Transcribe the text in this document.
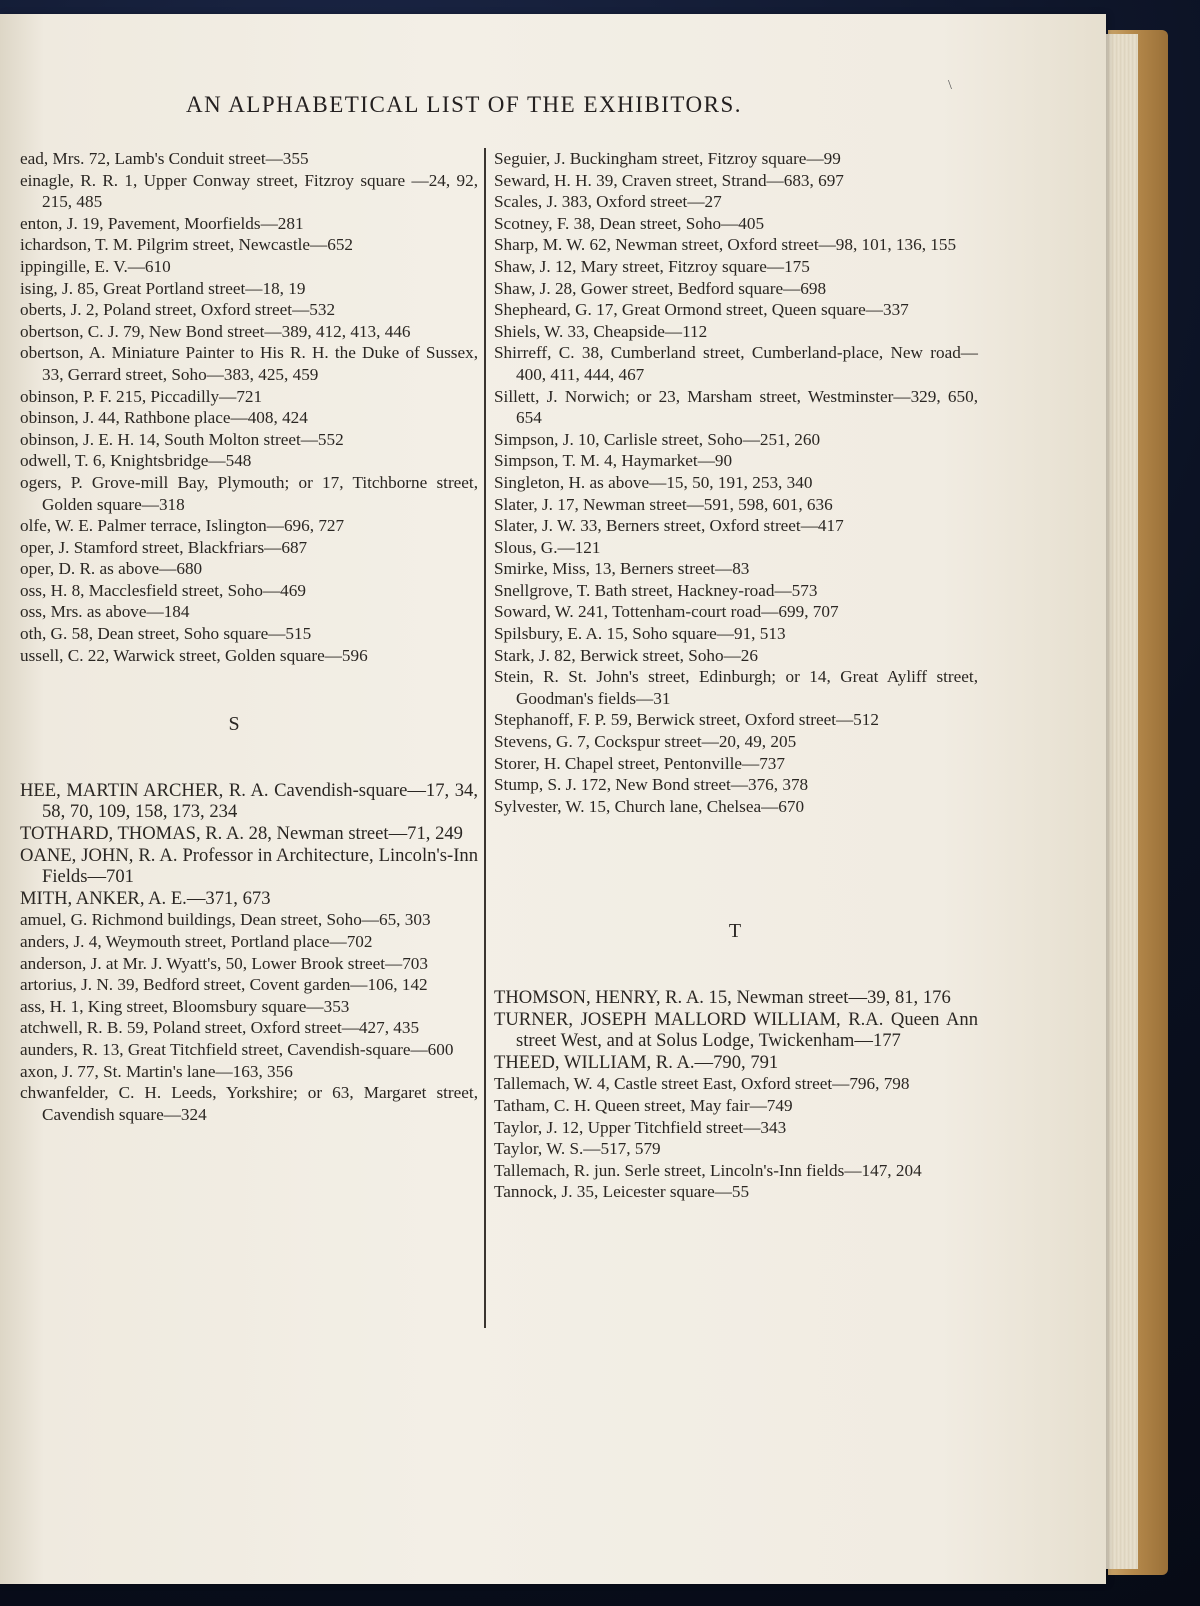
\
AN ALPHABETICAL LIST OF THE EXHIBITORS.
ead, Mrs. 72, Lamb's Conduit street—355
einagle, R. R. 1, Upper Conway street, Fitzroy square —24, 92, 215, 485
enton, J. 19, Pavement, Moorfields—281
ichardson, T. M. Pilgrim street, Newcastle—652
ippingille, E. V.—610
ising, J. 85, Great Portland street—18, 19
oberts, J. 2, Poland street, Oxford street—532
obertson, C. J. 79, New Bond street—389, 412, 413, 446
obertson, A. Miniature Painter to His R. H. the Duke of Sussex, 33, Gerrard street, Soho—383, 425, 459
obinson, P. F. 215, Piccadilly—721
obinson, J. 44, Rathbone place—408, 424
obinson, J. E. H. 14, South Molton street—552
odwell, T. 6, Knightsbridge—548
ogers, P. Grove-mill Bay, Plymouth; or 17, Titchborne street, Golden square—318
olfe, W. E. Palmer terrace, Islington—696, 727
oper, J. Stamford street, Blackfriars—687
oper, D. R. as above—680
oss, H. 8, Macclesfield street, Soho—469
oss, Mrs. as above—184
oth, G. 58, Dean street, Soho square—515
ussell, C. 22, Warwick street, Golden square—596
S
HEE, MARTIN ARCHER, R. A. Cavendish-square—17, 34, 58, 70, 109, 158, 173, 234
TOTHARD, THOMAS, R. A. 28, Newman street—71, 249
OANE, JOHN, R. A. Professor in Architecture, Lincoln's-Inn Fields—701
MITH, ANKER, A. E.—371, 673
amuel, G. Richmond buildings, Dean street, Soho—65, 303
anders, J. 4, Weymouth street, Portland place—702
anderson, J. at Mr. J. Wyatt's, 50, Lower Brook street—703
artorius, J. N. 39, Bedford street, Covent garden—106, 142
ass, H. 1, King street, Bloomsbury square—353
atchwell, R. B. 59, Poland street, Oxford street—427, 435
aunders, R. 13, Great Titchfield street, Cavendish-square—600
axon, J. 77, St. Martin's lane—163, 356
chwanfelder, C. H. Leeds, Yorkshire; or 63, Margaret street, Cavendish square—324
Seguier, J. Buckingham street, Fitzroy square—99
Seward, H. H. 39, Craven street, Strand—683, 697
Scales, J. 383, Oxford street—27
Scotney, F. 38, Dean street, Soho—405
Sharp, M. W. 62, Newman street, Oxford street—98, 101, 136, 155
Shaw, J. 12, Mary street, Fitzroy square—175
Shaw, J. 28, Gower street, Bedford square—698
Shepheard, G. 17, Great Ormond street, Queen square—337
Shiels, W. 33, Cheapside—112
Shirreff, C. 38, Cumberland street, Cumberland-place, New road—400, 411, 444, 467
Sillett, J. Norwich; or 23, Marsham street, Westminster—329, 650, 654
Simpson, J. 10, Carlisle street, Soho—251, 260
Simpson, T. M. 4, Haymarket—90
Singleton, H. as above—15, 50, 191, 253, 340
Slater, J. 17, Newman street—591, 598, 601, 636
Slater, J. W. 33, Berners street, Oxford street—417
Slous, G.—121
Smirke, Miss, 13, Berners street—83
Snellgrove, T. Bath street, Hackney-road—573
Soward, W. 241, Tottenham-court road—699, 707
Spilsbury, E. A. 15, Soho square—91, 513
Stark, J. 82, Berwick street, Soho—26
Stein, R. St. John's street, Edinburgh; or 14, Great Ayliff street, Goodman's fields—31
Stephanoff, F. P. 59, Berwick street, Oxford street—512
Stevens, G. 7, Cockspur street—20, 49, 205
Storer, H. Chapel street, Pentonville—737
Stump, S. J. 172, New Bond street—376, 378
Sylvester, W. 15, Church lane, Chelsea—670
T
THOMSON, HENRY, R. A. 15, Newman street—39, 81, 176
TURNER, JOSEPH MALLORD WILLIAM, R.A. Queen Ann street West, and at Solus Lodge, Twickenham—177
THEED, WILLIAM, R. A.—790, 791
Tallemach, W. 4, Castle street East, Oxford street—796, 798
Tatham, C. H. Queen street, May fair—749
Taylor, J. 12, Upper Titchfield street—343
Taylor, W. S.—517, 579
Tallemach, R. jun. Serle street, Lincoln's-Inn fields—147, 204
Tannock, J. 35, Leicester square—55
